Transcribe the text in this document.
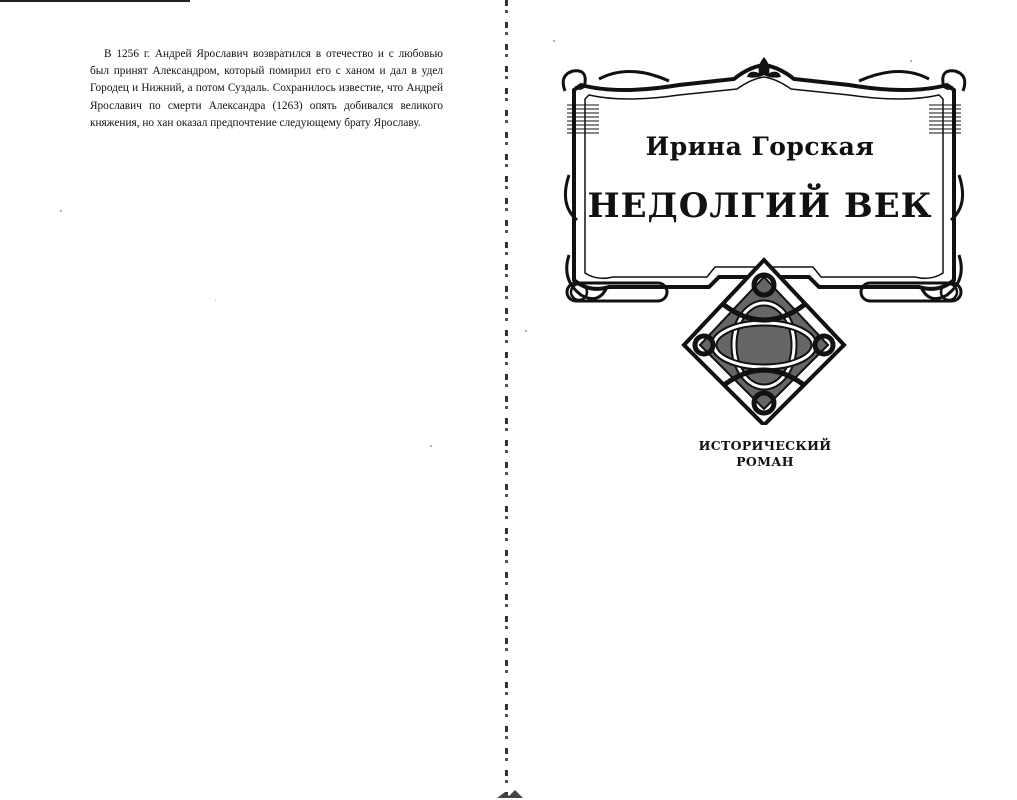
В 1256 г. Андрей Ярославич возвратился в отечество и с любовью был принят Александром, который помирил его с ханом и дал в удел Городец и Нижний, а потом Суздаль. Сохранилось известие, что Андрей Ярославич по смерти Александра (1263) опять добивался великого княжения, но хан оказал предпочтение следующему брату Ярославу.

Ирина Горская
НЕДОЛГИЙ ВЕК
ИСТОРИЧЕСКИЙ
РОМАН
